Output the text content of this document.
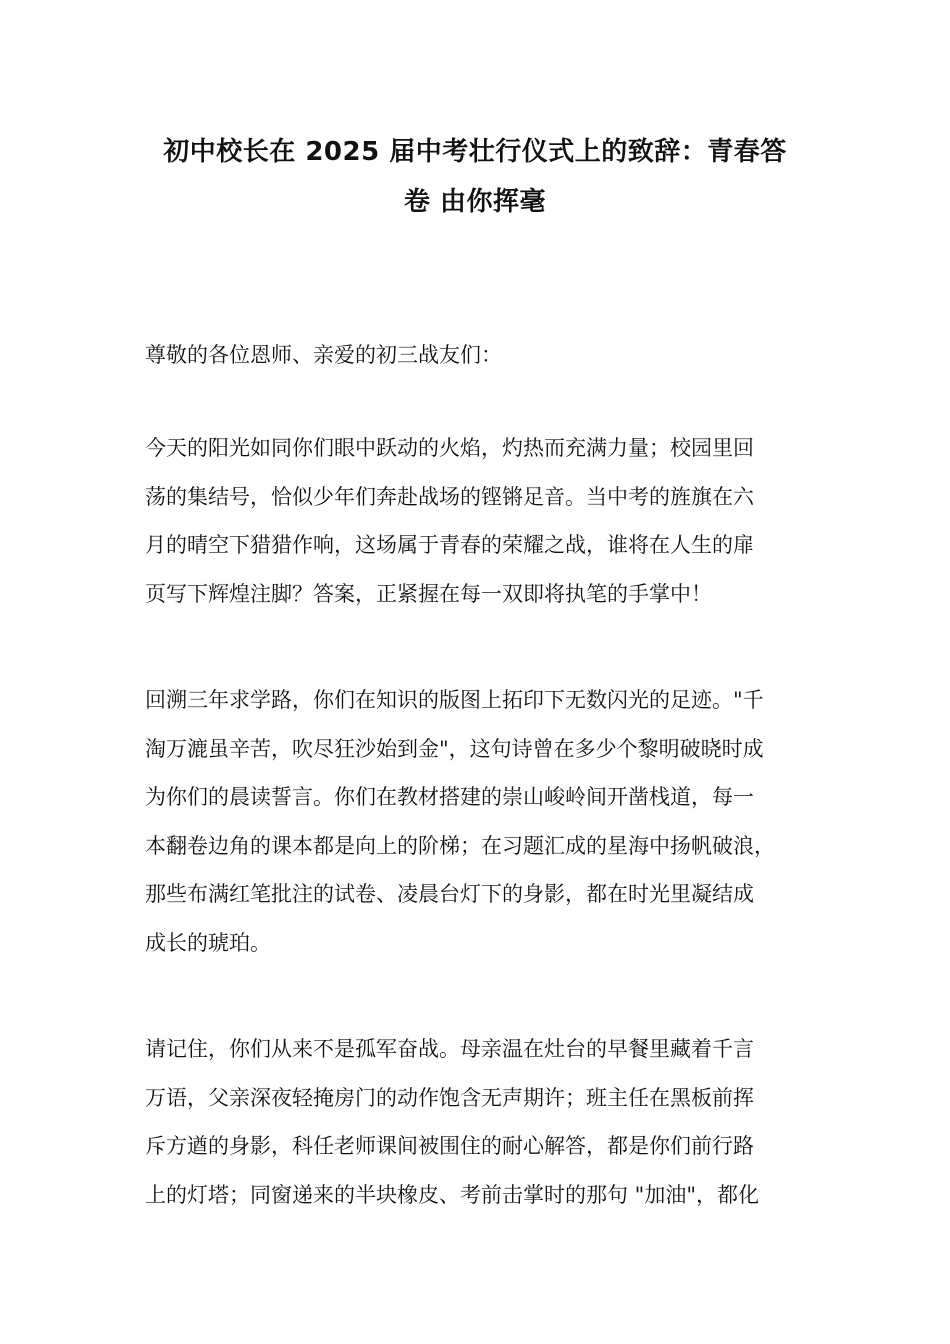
初中校长在 2025 届中考壮行仪式上的致辞：青春答
卷 由你挥毫

尊敬的各位恩师、亲爱的初三战友们：

今天的阳光如同你们眼中跃动的火焰，灼热而充满力量；校园里回
荡的集结号，恰似少年们奔赴战场的铿锵足音。当中考的旌旗在六
月的晴空下猎猎作响，这场属于青春的荣耀之战，谁将在人生的扉
页写下辉煌注脚？答案，正紧握在每一双即将执笔的手掌中！

回溯三年求学路，你们在知识的版图上拓印下无数闪光的足迹。"千
淘万漉虽辛苦，吹尽狂沙始到金"，这句诗曾在多少个黎明破晓时成
为你们的晨读誓言。你们在教材搭建的崇山峻岭间开凿栈道，每一
本翻卷边角的课本都是向上的阶梯；在习题汇成的星海中扬帆破浪，
那些布满红笔批注的试卷、凌晨台灯下的身影，都在时光里凝结成
成长的琥珀。

请记住，你们从来不是孤军奋战。母亲温在灶台的早餐里藏着千言
万语，父亲深夜轻掩房门的动作饱含无声期许；班主任在黑板前挥
斥方遒的身影，科任老师课间被围住的耐心解答，都是你们前行路
上的灯塔；同窗递来的半块橡皮、考前击掌时的那句 "加油"，都化
